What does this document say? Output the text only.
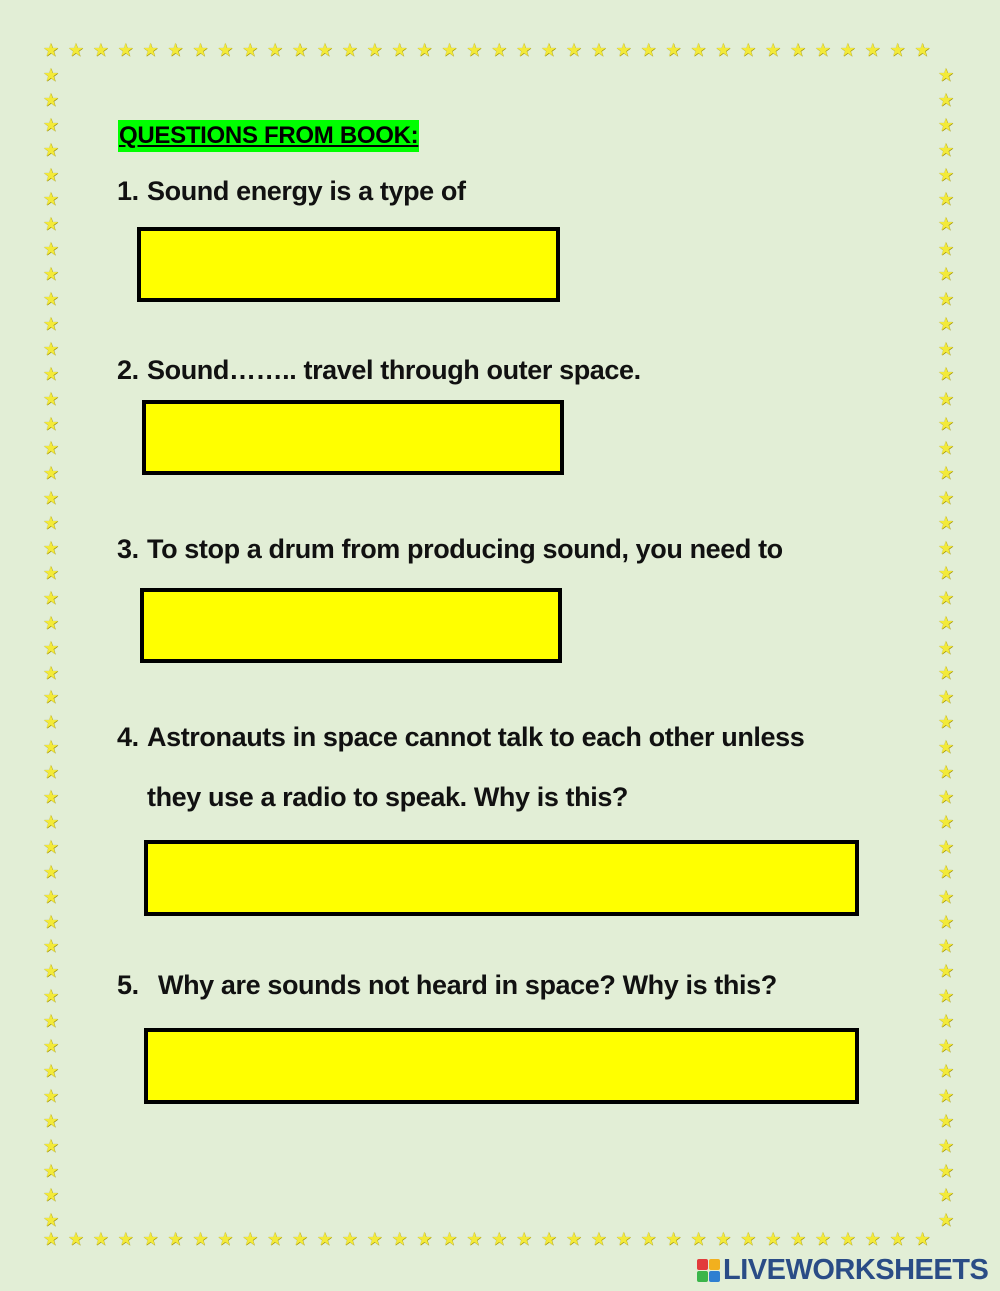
★
★
★
★
★
★
★
★
★
★
★
★
★
★
★
★
★
★
★
★
★
★
★
★
★
★
★
★
★
★
★
★
★
★
★
★
★
★
★
★
★
★
★
★
★
★
★
★
★
★
★
★
★
★
★
★
★
★
★
★
★
★
★
★
★
★
★
★
★
★
★
★
★	★
★	★
★	★
★	★
★	★
★	★
★	★
★	★
★	★
★	★
★	★
★	★
★	★
★	★
★	★
★	★
★	★
★	★
★	★
★	★
★	★
★	★
★	★
★	★
★	★
★	★
★	★
★	★
★	★
★	★
★	★
★	★
★	★
★	★
★	★
★	★
★	★
★	★
★	★
★	★
★	★
★	★
★	★
★	★
★	★
★	★
★	★
QUESTIONS FROM BOOK:
1. Sound energy is a type of
2. Sound…….. travel through outer space.
3. To stop a drum from producing sound, you need to
4. Astronauts in space cannot talk to each other unless
they use a radio to speak. Why is this?
5. Why are sounds not heard in space? Why is this?
LIVEWORKSHEETS
